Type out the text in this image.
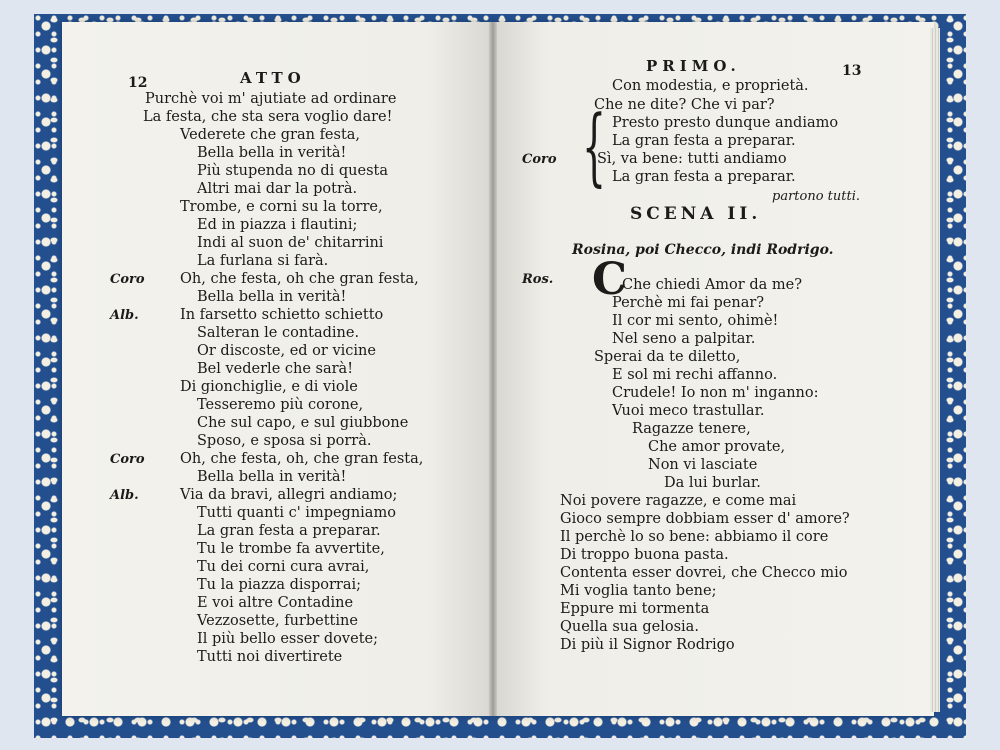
12	ATTO	13
PRIMO.
Coro {
partono tutti.
SCENA II.
Rosina, poi Checco, indi Rodrigo.
Ros.
Purchè voi m' ajutiate ad ordinare
La festa, che sta sera voglio dare!
Vederete che gran festa,
Bella bella in verità!
Più stupenda no di questa
Altri mai dar la potrà.
Trombe, e corni su la torre,
Ed in piazza i flautini;
Indi al suon de' chitarrini
La furlana si farà.
Oh, che festa, oh che gran festa,
Bella bella in verità!
In farsetto schietto schietto
Salteran le contadine.
Or discoste, ed or vicine
Bel vederle che sarà!
Di gionchiglie, e di viole
Tesseremo più corone,
Che sul capo, e sul giubbone
Sposo, e sposa si porrà.
Oh, che festa, oh, che gran festa,
Bella bella in verità!
Via da bravi, allegri andiamo;
Tutti quanti c' impegniamo
La gran festa a preparar.
Tu le trombe fa avvertite,
Tu dei corni cura avrai,
Tu la piazza disporrai;
E voi altre Contadine
Vezzosette, furbettine
Il più bello esser dovete;
Tutti noi divertirete
Coro
Alb.
Coro
Alb.
Con modestia, e proprietà.
Che ne dite? Che vi par?
Presto presto dunque andiamo
La gran festa a preparar.
Sì, va bene: tutti andiamo
La gran festa a preparar.
Che chiedi Amor da me?
Perchè mi fai penar?
Il cor mi sento, ohimè!
Nel seno a palpitar.
Sperai da te diletto,
E sol mi rechi affanno.
Crudele! Io non m' inganno:
Vuoi meco trastullar.
Ragazze tenere,
Che amor provate,
Non vi lasciate
Da lui burlar.
Noi povere ragazze, e come mai
Gioco sempre dobbiam esser d' amore?
Il perchè lo so bene: abbiamo il core
Di troppo buona pasta.
Contenta esser dovrei, che Checco mio
Mi voglia tanto bene;
Eppure mi tormenta
Quella sua gelosia.
Di più il Signor Rodrigo
C
